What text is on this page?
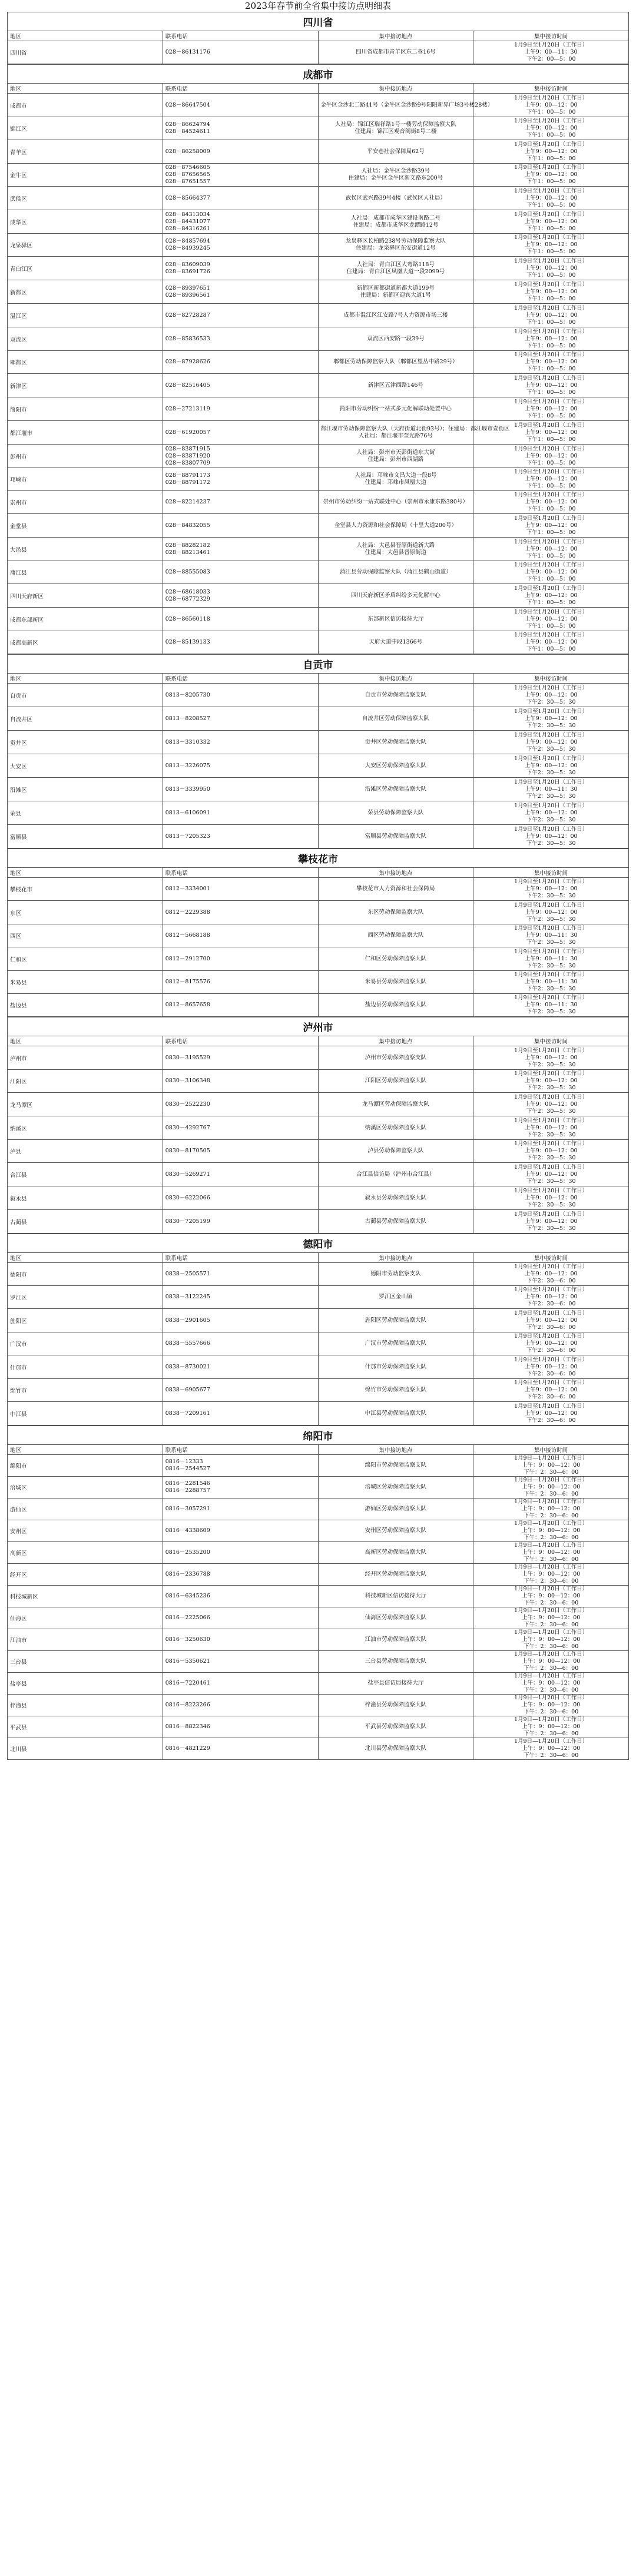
2023年春节前全省集中接访点明细表
四川省			
地区	联系电话	集中接访地点	集中接访时间
四川省	028－86131176	四川省成都市青羊区东二巷16号	1月9日至1月20日（工作日）
上午9：00—11：30
下午2：00—5：00
成都市			
地区	联系电话	集中接访地点	集中接访时间
成都市	028－86647504	金牛区金沙北二路41号（金牛区金沙路9号阳阳新界广场3号楼28楼）	1月9日至1月20日（工作日）
上午9：00—12：00
下午1：00—5：00

锦江区	028－86624794
028－84524611	人社局：锦江区瑞祥路1号一楼劳动保障监察大队
住建局：锦江区观音阁街8号二楼	1月9日至1月20日（工作日）
上午9：00—12：00
下午1：00—5：00

青羊区	028－86258009	平安巷社会保障局62号	1月9日至1月20日（工作日）
上午9：00—12：00
下午1：00—5：00

金牛区	028－87546605
028－87656565
028－87651557	人社局：金牛区金沙路39号
住建局：金牛区金牛区新文路东200号	1月9日至1月20日（工作日）
上午9：00—12：00
下午1：00—5：00

武侯区	028－85664377	武侯区武兴路39号4楼（武侯区人社局）	1月9日至1月20日（工作日）
上午9：00—12：00
下午1：00—5：00

成华区	028－84313034
028－84431077
028－84316261	人社局：成都市成华区建设南路二号
住建局：成都市成华区龙潭路12号	1月9日至1月20日（工作日）
上午9：00—12：00
下午1：00—5：00

龙泉驿区	028－84857694
028－84939245	龙泉驿区长柏路238号劳动保障监察大队
住建局：龙泉驿区东安街道12号	1月9日至1月20日（工作日）
上午9：00—12：00
下午1：00—5：00

青白江区	028－83609039
028－83691726	人社局：青白江区大弯路118号
住建局：青白江区凤凰大道一段2099号	1月9日至1月20日（工作日）
上午9：00—12：00
下午1：00—5：00

新都区	028－89397651
028－89396561	新都区新都街道新都大道199号
住建局：新都区迎宾大道1号	1月9日至1月20日（工作日）
上午9：00—12：00
下午1：00—5：00

温江区	028－82728287	成都市温江区江安路7号人力资源市场三楼	1月9日至1月20日（工作日）
上午9：00—12：00
下午1：00—5：00

双流区	028－85836533	双流区西安路一段39号	1月9日至1月20日（工作日）
上午9：00—12：00
下午1：00—5：00

郫都区	028－87928626	郫都区劳动保障监察大队（郫都区望丛中路29号）	1月9日至1月20日（工作日）
上午9：00—12：00
下午1：00—5：00

新津区	028－82516405	新津区五津西路146号	1月9日至1月20日（工作日）
上午9：00—12：00
下午1：00—5：00

简阳市	028－27213119	简阳市劳动纠纷一站式多元化解联动处置中心	1月9日至1月20日（工作日）
上午9：00—12：00
下午1：00—5：00

都江堰市	028－61920057	都江堰市劳动保障监察大队（天府街道北街93号）；住建局：都江堰市壹街区
人社局：都江堰市奎光路76号	1月9日至1月20日（工作日）
上午9：00—12：00
下午1：00—5：00

彭州市	028－83871915
028－83871920
028－83807709	人社局：彭州市天彭街道东大街
住建局：彭州市西湖路	1月9日至1月20日（工作日）
上午9：00—12：00
下午1：00—5：00

邛崃市	028－88791173
028－88791172	人社局：邛崃市文昌大道一段8号
住建局：邛崃市凤凰大道	1月9日至1月20日（工作日）
上午9：00—12：00
下午1：00—5：00

崇州市	028－82214237	崇州市劳动纠纷一站式联处中心（崇州市永康东路380号）	1月9日至1月20日（工作日）
上午9：00—12：00
下午1：00—5：00

金堂县	028－84832055	金堂县人力资源和社会保障局（十里大道200号）	1月9日至1月20日（工作日）
上午9：00—12：00
下午1：00—5：00

大邑县	028－88282182
028－88213461	人社局：大邑县晋原街道新大路
住建局：大邑县晋原街道	1月9日至1月20日（工作日）
上午9：00—12：00
下午1：00—5：00

蒲江县	028－88555083	蒲江县劳动保障监察大队（蒲江县鹤山街道）	1月9日至1月20日（工作日）
上午9：00—12：00
下午1：00—5：00

四川天府新区	028－68618033
028－68772329	四川天府新区矛盾纠纷多元化解中心	1月9日至1月20日（工作日）
上午9：00—12：00
下午1：00—5：00

成都东部新区	028－86560118	东部新区信访接待大厅	1月9日至1月20日（工作日）
上午9：00—12：00
下午1：00—5：00

成都高新区	028－85139133	天府大道中段1366号	1月9日至1月20日（工作日）
上午9：00—12：00
下午1：00—5：00
自贡市			
地区	联系电话	集中接访地点	集中接访时间
自贡市	0813－8205730	自贡市劳动保障监察支队	1月9日至1月20日（工作日）
上午9：00—12：00
下午2：30—5：30

自流井区	0813－8208527	自流井区劳动保障监察大队	1月9日至1月20日（工作日）
上午9：00—12：00
下午2：30—5：30

贡井区	0813－3310332	贡井区劳动保障监察大队	1月9日至1月20日（工作日）
上午9：00—12：00
下午2：30—5：30

大安区	0813－3226075	大安区劳动保障监察大队	1月9日至1月20日（工作日）
上午9：00—12：00
下午2：30—5：30

沿滩区	0813－3339950	沿滩区劳动保障监察大队	1月9日至1月20日（工作日）
上午9：00—11：30
下午2：30—5：30

荣县	0813－6106091	荣县劳动保障监察大队	1月9日至1月20日（工作日）
上午9：00—12：00
下午2：30—5：30

富顺县	0813－7205323	富顺县劳动保障监察大队	1月9日至1月20日（工作日）
上午9：00—12：00
下午2：30—5：30
攀枝花市			
地区	联系电话	集中接访地点	集中接访时间
攀枝花市	0812－3334001	攀枝花市人力资源和社会保障局	1月9日至1月20日（工作日）
上午9：00—12：00
下午2：30—5：30

东区	0812－2229388	东区劳动保障监察大队	1月9日至1月20日（工作日）
上午9：00—12：00
下午2：30—5：30

西区	0812－5668188	西区劳动保障监察大队	1月9日至1月20日（工作日）
上午9：00—11：30
下午2：30—5：30

仁和区	0812－2912700	仁和区劳动保障监察大队	1月9日至1月20日（工作日）
上午9：00—11：30
下午2：30—5：30

米易县	0812－8175576	米易县劳动保障监察大队	1月9日至1月20日（工作日）
上午9：00—11：30
下午2：30—5：30

盐边县	0812－8657658	盐边县劳动保障监察大队	1月9日至1月20日（工作日）
上午9：00—11：30
下午2：30—5：30
泸州市			
地区	联系电话	集中接访地点	集中接访时间
泸州市	0830－3195529	泸州市劳动保障监察支队	1月9日至1月20日（工作日）
上午9：00—12：00
下午2：30—5：30

江阳区	0830－3106348	江阳区劳动保障监察大队	1月9日至1月20日（工作日）
上午9：00—12：00
下午2：30—5：30

龙马潭区	0830－2522230	龙马潭区劳动保障监察大队	1月9日至1月20日（工作日）
上午9：00—12：00
下午2：30—5：30

纳溪区	0830－4292767	纳溪区劳动保障监察大队	1月9日至1月20日（工作日）
上午9：00—12：00
下午2：30—5：30

泸县	0830－8170505	泸县劳动保障监察大队	1月9日至1月20日（工作日）
上午9：00—12：00
下午2：30—5：30

合江县	0830－5269271	合江县信访局（泸州市合江县）	1月9日至1月20日（工作日）
上午9：00—12：00
下午2：30—5：30

叙永县	0830－6222066	叙永县劳动保障监察大队	1月9日至1月20日（工作日）
上午9：00—12：00
下午2：30—5：30

古蔺县	0830－7205199	古蔺县劳动保障监察大队	1月9日至1月20日（工作日）
上午9：00—12：00
下午2：30—5：30
德阳市			
地区	联系电话	集中接访地点	集中接访时间
德阳市	0838－2505571	德阳市劳动监察支队	1月9日至1月20日（工作日）
上午9：00—12：00
下午2：30—6：00

罗江区	0838－3122245	罗江区金山镇	1月9日至1月20日（工作日）
上午9：00—12：00
下午2：30—6：00

旌阳区	0838－2901605	旌阳区劳动保障监察大队	1月9日至1月20日（工作日）
上午9：00—12：00
下午2：30—6：00

广汉市	0838－5557666	广汉市劳动保障监察大队	1月9日至1月20日（工作日）
上午9：00—12：00
下午2：30—6：00

什邡市	0838－8730021	什邡市劳动保障监察大队	1月9日至1月20日（工作日）
上午9：00—12：00
下午2：30—6：00

绵竹市	0838－6905677	绵竹市劳动保障监察大队	1月9日至1月20日（工作日）
上午9：00—12：00
下午2：30—6：00

中江县	0838－7209161	中江县劳动保障监察大队	1月9日至1月20日（工作日）
上午9：00—12：00
下午2：30—6：00
绵阳市			
地区	联系电话	集中接访地点	集中接访时间
绵阳市	0816－12333
0816－2544527	绵阳市劳动保障监察支队	1月9日—1月20日（工作日）
上午：9：00—12：00
下午：2：30—6：00

涪城区	0816－2281546
0816－2288757	涪城区劳动保障监察大队	1月9日—1月20日（工作日）
上午：9：00—12：00
下午：2：30—6：00

游仙区	0816－3057291	游仙区劳动保障监察大队	1月9日—1月20日（工作日）
上午：9：00—12：00
下午：2：30—6：00

安州区	0816－4338609	安州区劳动保障监察大队	1月9日—1月20日（工作日）
上午：9：00—12：00
下午：2：30—6：00

高新区	0816－2535200	高新区劳动保障监察大队	1月9日—1月20日（工作日）
上午：9：00—12：00
下午：2：30—6：00

经开区	0816－2336788	经开区劳动保障监察大队	1月9日—1月20日（工作日）
上午：9：00—12：00
下午：2：30—6：00

科技城新区	0816－6345236	科技城新区信访接待大厅	1月9日—1月20日（工作日）
上午：9：00—12：00
下午：2：30—6：00

仙海区	0816－2225066	仙海区劳动保障监察大队	1月9日—1月20日（工作日）
上午：9：00—12：00
下午：2：30—6：00

江油市	0816－3250630	江油市劳动保障监察大队	1月9日—1月20日（工作日）
上午：9：00—12：00
下午：2：30—6：00

三台县	0816－5350621	三台县劳动保障监察大队	1月9日—1月20日（工作日）
上午：9：00—12：00
下午：2：30—6：00

盐亭县	0816－7220461	盐亭县信访局接待大厅	1月9日—1月20日（工作日）
上午：9：00—12：00
下午：2：30—6：00

梓潼县	0816－8223266	梓潼县劳动保障监察大队	1月9日—1月20日（工作日）
上午：9：00—12：00
下午：2：30—6：00

平武县	0816－8822346	平武县劳动保障监察大队	1月9日—1月20日（工作日）
上午：9：00—12：00
下午：2：30—6：00

北川县	0816－4821229	北川县劳动保障监察大队	1月9日—1月20日（工作日）
上午：9：00—12：00
下午：2：30—6：00
